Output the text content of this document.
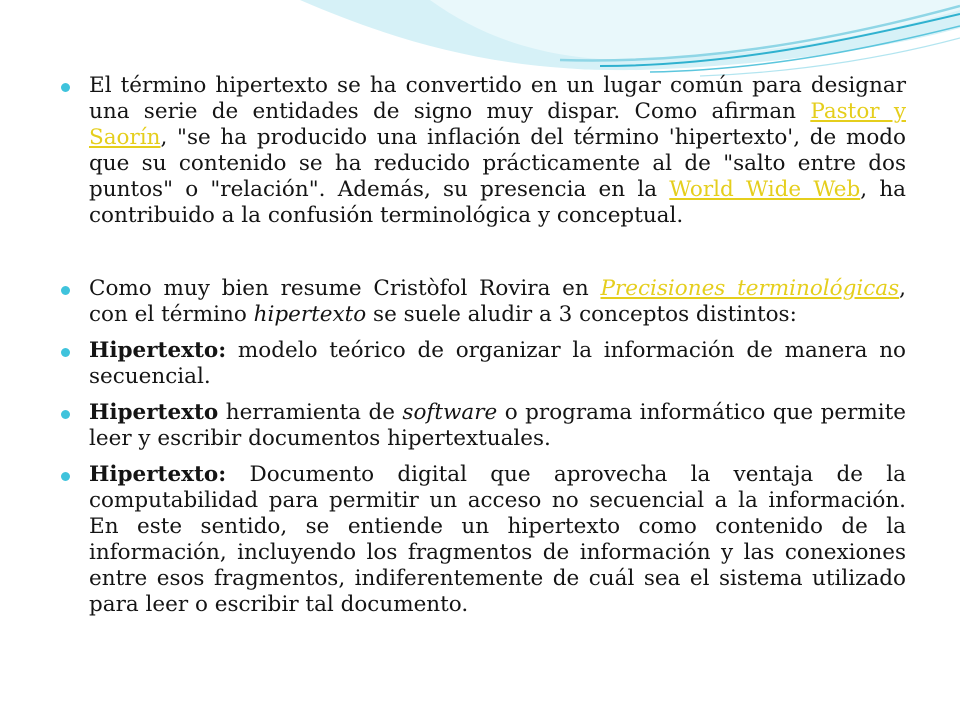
El término hipertexto se ha convertido en un lugar común para designar una serie de entidades de signo muy dispar. Como afirman Pastor y Saorín, "se ha producido una inflación del término 'hipertexto', de modo que su contenido se ha reducido prácticamente al de "salto entre dos puntos" o "relación". Además, su presencia en la World Wide Web, ha contribuido a la confusión terminológica y conceptual.

Como muy bien resume Cristòfol Rovira en Precisiones terminológicas, con el término hipertexto se suele aludir a 3 conceptos distintos:

Hipertexto: modelo teórico de organizar la información de manera no secuencial.

Hipertexto herramienta de software o programa informático que permite leer y escribir documentos hipertextuales.

Hipertexto: Documento digital que aprovecha la ventaja de la computabilidad para permitir un acceso no secuencial a la información. En este sentido, se entiende un hipertexto como contenido de la información, incluyendo los fragmentos de información y las conexiones entre esos fragmentos, indiferentemente de cuál sea el sistema utilizado para leer o escribir tal documento.
